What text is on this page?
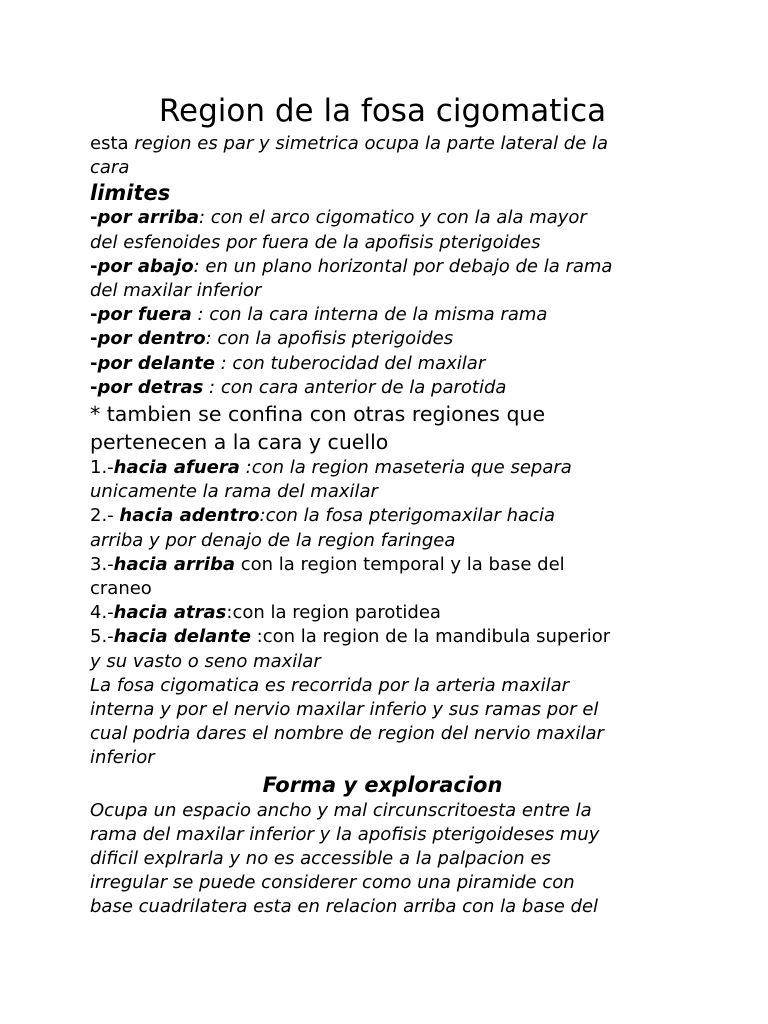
Region de la fosa cigomatica
esta region es par y simetrica ocupa la parte lateral de la
cara
limites
-por arriba: con el arco cigomatico y con la ala mayor
del esfenoides por fuera de la apofisis pterigoides
-por abajo: en un plano horizontal por debajo de la rama
del maxilar inferior
-por fuera : con la cara interna de la misma rama
-por dentro: con la apofisis pterigoides
-por delante : con tuberocidad del maxilar
-por detras : con cara anterior de la parotida
* tambien se confina con otras regiones que
pertenecen a la cara y cuello
1.-hacia afuera :con la region maseteria que separa
unicamente la rama del maxilar
2.- hacia adentro:con la fosa pterigomaxilar hacia
arriba y por denajo de la region faringea
3.-hacia arriba con la region temporal y la base del
craneo
4.-hacia atras:con la region parotidea
5.-hacia delante :con la region de la mandibula superior
y su vasto o seno maxilar
La fosa cigomatica es recorrida por la arteria maxilar
interna y por el nervio maxilar inferio y sus ramas por el
cual podria dares el nombre de region del nervio maxilar
inferior
Forma y exploracion
Ocupa un espacio ancho y mal circunscritoesta entre la
rama del maxilar inferior y la apofisis pterigoideses muy
dificil explrarla y no es accessible a la palpacion es
irregular se puede considerer como una piramide con
base cuadrilatera esta en relacion arriba con la base del
